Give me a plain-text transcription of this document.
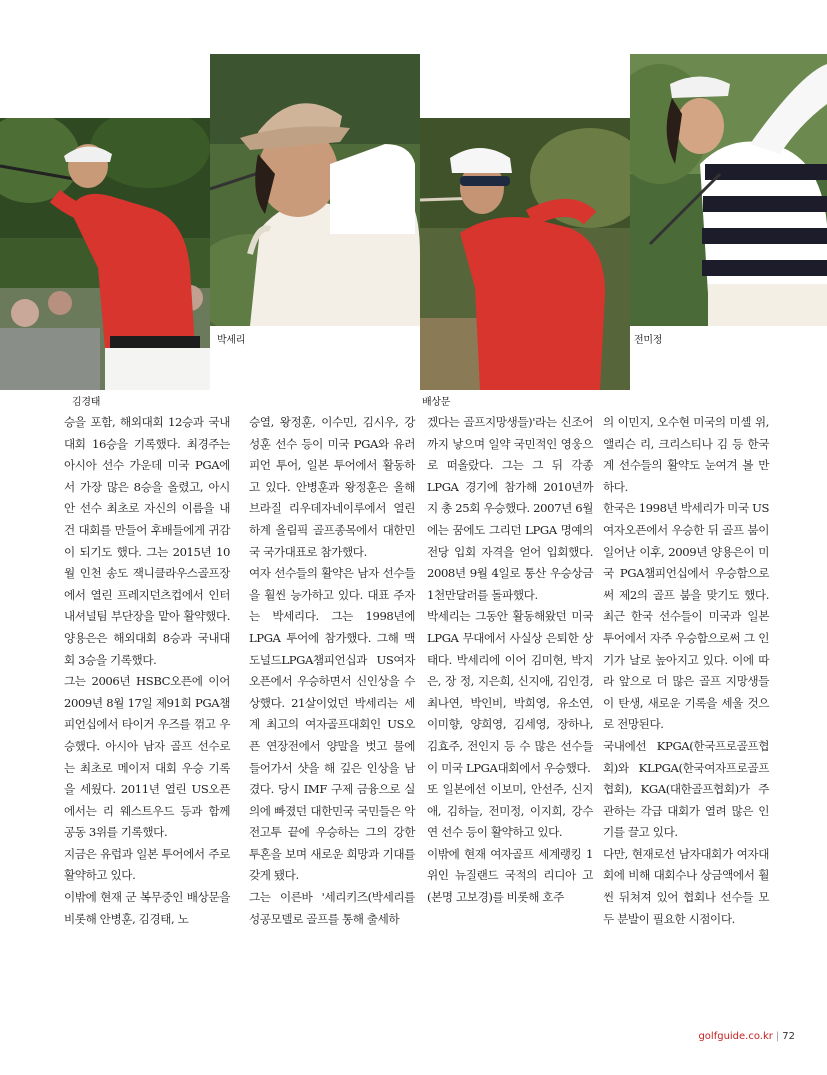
김경태
박세리
배상문
전미정

승을 포함, 해외대회 12승과 국내대회 16승을 기록했다. 최경주는 아시아 선수 가운데 미국 PGA에서 가장 많은 8승을 올렸고, 아시안 선수 최초로 자신의 이름을 내건 대회를 만들어 후배들에게 귀감이 되기도 했다. 그는 2015년 10월 인천 송도 잭니클라우스골프장에서 열린 프레지던츠컵에서 인터내셔널팀 부단장을 맡아 활약했다. 양용은은 해외대회 8승과 국내대회 3승을 기록했다.

그는 2006년 HSBC오픈에 이어 2009년 8월 17일 제91회 PGA챔피언십에서 타이거 우즈를 꺾고 우승했다. 아시아 남자 골프 선수로는 최초로 메이저 대회 우승 기록을 세웠다. 2011년 열린 US오픈에서는 리 웨스트우드 등과 함께 공동 3위를 기록했다.

지금은 유럽과 일본 투어에서 주로 활약하고 있다.

이밖에 현재 군 복무중인 배상문을 비롯해 안병훈, 김경태, 노

승열, 왕정훈, 이수민, 김시우, 강성훈 선수 등이 미국 PGA와 유러피언 투어, 일본 투어에서 활동하고 있다. 안병훈과 왕정훈은 올해 브라질 리우데자네이루에서 열린 하계 올림픽 골프종목에서 대한민국 국가대표로 참가했다.

여자 선수들의 활약은 남자 선수들을 훨씬 능가하고 있다. 대표 주자는 박세리다. 그는 1998년에 LPGA 투어에 참가했다. 그해 맥도널드LPGA챔피언십과 US여자오픈에서 우승하면서 신인상을 수상했다. 21살이었던 박세리는 세계 최고의 여자골프대회인 US오픈 연장전에서 양말을 벗고 물에 들어가서 샷을 해 깊은 인상을 남겼다. 당시 IMF 구제 금융으로 실의에 빠졌던 대한민국 국민들은 악전고투 끝에 우승하는 그의 강한 투혼을 보며 새로운 희망과 기대를 갖게 됐다.

그는 이른바 '세리키즈(박세리를 성공모델로 골프를 통해 출세하

겠다는 골프지망생들)'라는 신조어까지 낳으며 일약 국민적인 영웅으로 떠올랐다. 그는 그 뒤 각종 LPGA 경기에 참가해 2010년까지 총 25회 우승했다. 2007년 6월에는 꿈에도 그리던 LPGA 명예의 전당 입회 자격을 얻어 입회했다. 2008년 9월 4일로 통산 우승상금 1천만달러를 돌파했다.

박세리는 그동안 활동해왔던 미국 LPGA 무대에서 사실상 은퇴한 상태다. 박세리에 이어 김미현, 박지은, 장 정, 지은희, 신지애, 김인경, 최나연, 박인비, 박희영, 유소연, 이미향, 양희영, 김세영, 장하나, 김효주, 전인지 등 수 많은 선수들이 미국 LPGA대회에서 우승했다.

또 일본에선 이보미, 안선주, 신지애, 김하늘, 전미정, 이지희, 강수연 선수 등이 활약하고 있다.

이밖에 현재 여자골프 세계랭킹 1위인 뉴질랜드 국적의 리디아 고(본명 고보경)를 비롯해 호주

의 이민지, 오수현 미국의 미셸 위, 앨리슨 리, 크리스티나 김 등 한국계 선수들의 활약도 눈여겨 볼 만하다.

한국은 1998년 박세리가 미국 US여자오픈에서 우승한 뒤 골프 붐이 일어난 이후, 2009년 양용은이 미국 PGA챔피언십에서 우승함으로써 제2의 골프 붐을 맞기도 했다. 최근 한국 선수들이 미국과 일본 투어에서 자주 우승함으로써 그 인기가 날로 높아지고 있다. 이에 따라 앞으로 더 많은 골프 지망생들이 탄생, 새로운 기록을 세울 것으로 전망된다.

국내에선 KPGA(한국프로골프협회)와 KLPGA(한국여자프로골프협회), KGA(대한골프협회)가 주관하는 각급 대회가 열려 많은 인기를 끌고 있다.

다만, 현재로선 남자대회가 여자대회에 비해 대회수나 상금액에서 훨씬 뒤쳐져 있어 협회나 선수들 모두 분발이 필요한 시점이다.

golfguide.co.kr | 72
